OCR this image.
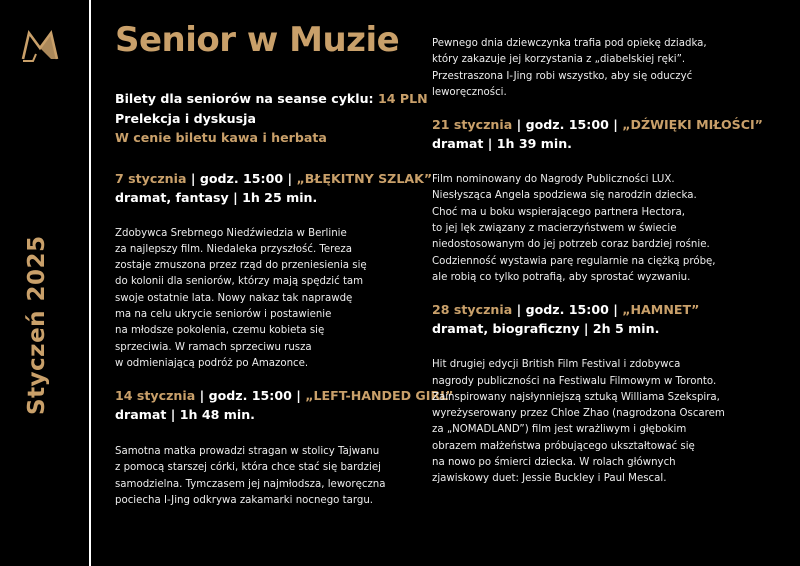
Styczeń 2025
Senior w Muzie
Bilety dla seniorów na seanse cyklu: 14 PLN
Prelekcja i dyskusja
W cenie biletu kawa i herbata
7 stycznia | godz. 15:00 | „BŁĘKITNY SZLAK”
dramat, fantasy | 1h 25 min.
Zdobywca Srebrnego Niedźwiedzia w Berlinie
za najlepszy film. Niedaleka przyszłość. Tereza
zostaje zmuszona przez rząd do przeniesienia się
do kolonii dla seniorów, którzy mają spędzić tam
swoje ostatnie lata. Nowy nakaz tak naprawdę
ma na celu ukrycie seniorów i postawienie
na młodsze pokolenia, czemu kobieta się
sprzeciwia. W ramach sprzeciwu rusza
w odmieniającą podróż po Amazonce.
14 stycznia | godz. 15:00 | „LEFT-HANDED GIRL”
dramat | 1h 48 min.
Samotna matka prowadzi stragan w stolicy Tajwanu
z pomocą starszej córki, która chce stać się bardziej
samodzielna. Tymczasem jej najmłodsza, leworęczna
pociecha I-Jing odkrywa zakamarki nocnego targu.
Pewnego dnia dziewczynka trafia pod opiekę dziadka,
który zakazuje jej korzystania z „diabelskiej ręki”.
Przestraszona I-Jing robi wszystko, aby się oduczyć
leworęczności.
21 stycznia | godz. 15:00 | „DŹWIĘKI MIŁOŚCI”
dramat | 1h 39 min.
Film nominowany do Nagrody Publiczności LUX.
Niesłysząca Angela spodziewa się narodzin dziecka.
Choć ma u boku wspierającego partnera Hectora,
to jej lęk związany z macierzyństwem w świecie
niedostosowanym do jej potrzeb coraz bardziej rośnie.
Codzienność wystawia parę regularnie na ciężką próbę,
ale robią co tylko potrafią, aby sprostać wyzwaniu.
28 stycznia | godz. 15:00 | „HAMNET”
dramat, biograficzny | 2h 5 min.
Hit drugiej edycji British Film Festival i zdobywca
nagrody publiczności na Festiwalu Filmowym w Toronto.
Zainspirowany najsłynniejszą sztuką Williama Szekspira,
wyreżyserowany przez Chloe Zhao (nagrodzona Oscarem
za „NOMADLAND”) film jest wrażliwym i głębokim
obrazem małżeństwa próbującego ukształtować się
na nowo po śmierci dziecka. W rolach głównych
zjawiskowy duet: Jessie Buckley i Paul Mescal.
